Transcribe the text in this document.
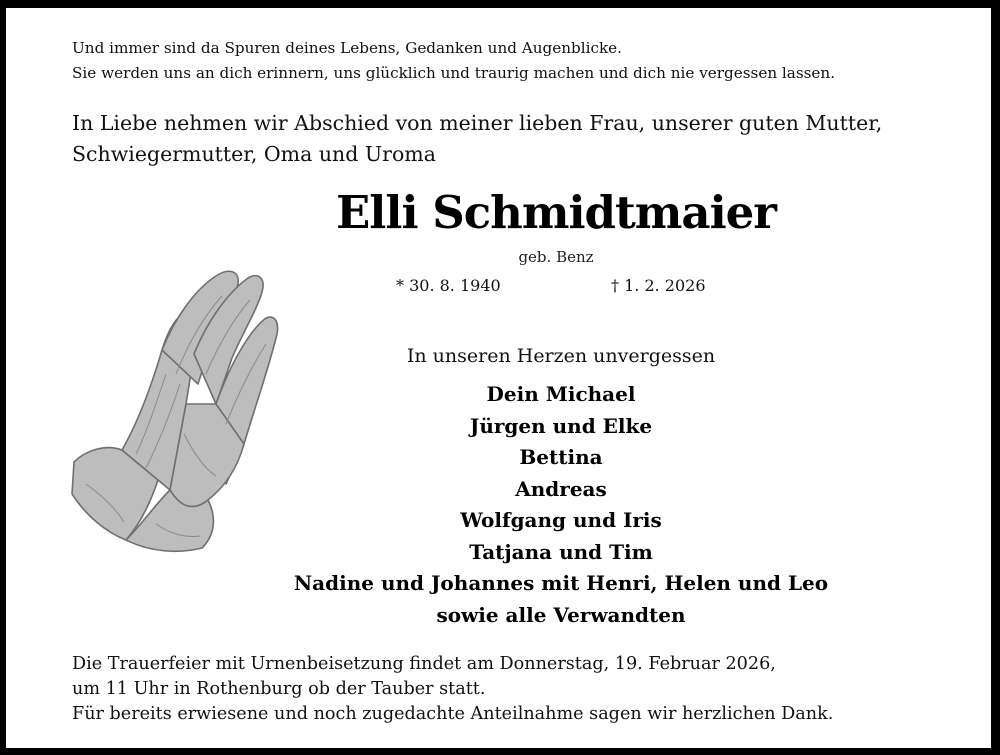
Und immer sind da Spuren deines Lebens, Gedanken und Augenblicke.
Sie werden uns an dich erinnern, uns glücklich und traurig machen und dich nie vergessen lassen.
In Liebe nehmen wir Abschied von meiner lieben Frau, unserer guten Mutter,
Schwiegermutter, Oma und Uroma
Elli Schmidtmaier
geb. Benz
* 30. 8. 1940	† 1. 2. 2026
In unseren Herzen unvergessen
Dein Michael
Jürgen und Elke
Bettina
Andreas
Wolfgang und Iris
Tatjana und Tim
Nadine und Johannes mit Henri, Helen und Leo
sowie alle Verwandten
Die Trauerfeier mit Urnenbeisetzung findet am Donnerstag, 19. Februar 2026,
um 11 Uhr in Rothenburg ob der Tauber statt.
Für bereits erwiesene und noch zugedachte Anteilnahme sagen wir herzlichen Dank.
